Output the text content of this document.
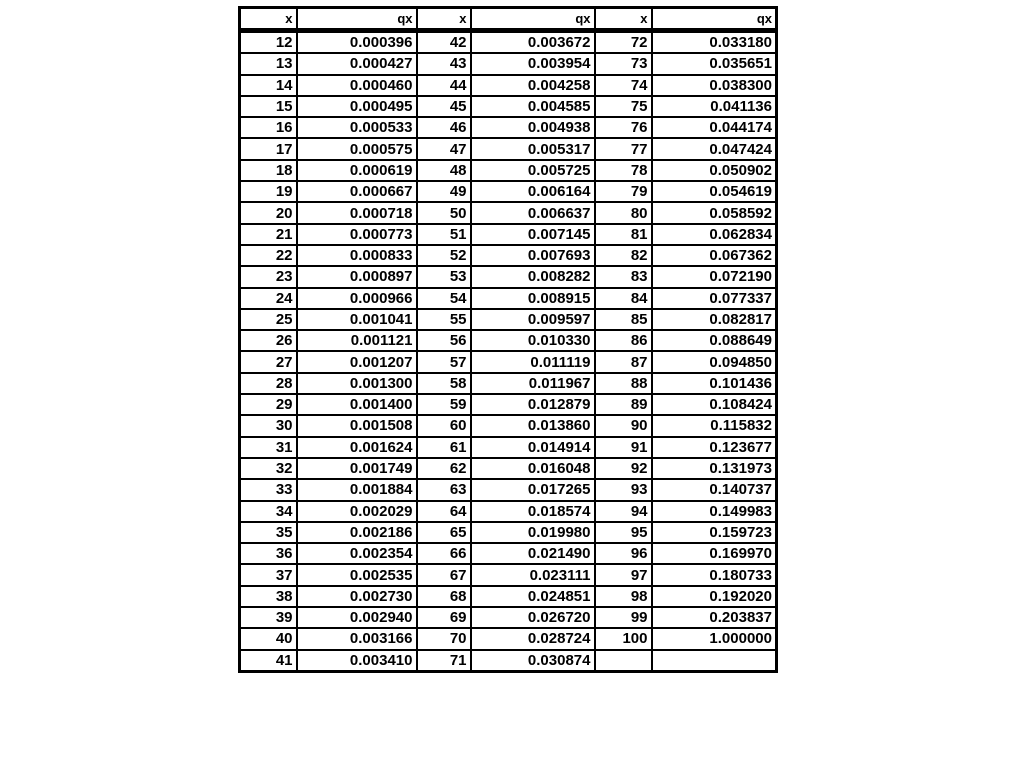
x	qx	x	qx	x	qx
12	0.000396	42	0.003672	72	0.033180
13	0.000427	43	0.003954	73	0.035651
14	0.000460	44	0.004258	74	0.038300
15	0.000495	45	0.004585	75	0.041136
16	0.000533	46	0.004938	76	0.044174
17	0.000575	47	0.005317	77	0.047424
18	0.000619	48	0.005725	78	0.050902
19	0.000667	49	0.006164	79	0.054619
20	0.000718	50	0.006637	80	0.058592
21	0.000773	51	0.007145	81	0.062834
22	0.000833	52	0.007693	82	0.067362
23	0.000897	53	0.008282	83	0.072190
24	0.000966	54	0.008915	84	0.077337
25	0.001041	55	0.009597	85	0.082817
26	0.001121	56	0.010330	86	0.088649
27	0.001207	57	0.011119	87	0.094850
28	0.001300	58	0.011967	88	0.101436
29	0.001400	59	0.012879	89	0.108424
30	0.001508	60	0.013860	90	0.115832
31	0.001624	61	0.014914	91	0.123677
32	0.001749	62	0.016048	92	0.131973
33	0.001884	63	0.017265	93	0.140737
34	0.002029	64	0.018574	94	0.149983
35	0.002186	65	0.019980	95	0.159723
36	0.002354	66	0.021490	96	0.169970
37	0.002535	67	0.023111	97	0.180733
38	0.002730	68	0.024851	98	0.192020
39	0.002940	69	0.026720	99	0.203837
40	0.003166	70	0.028724	100	1.000000
41	0.003410	71	0.030874		
